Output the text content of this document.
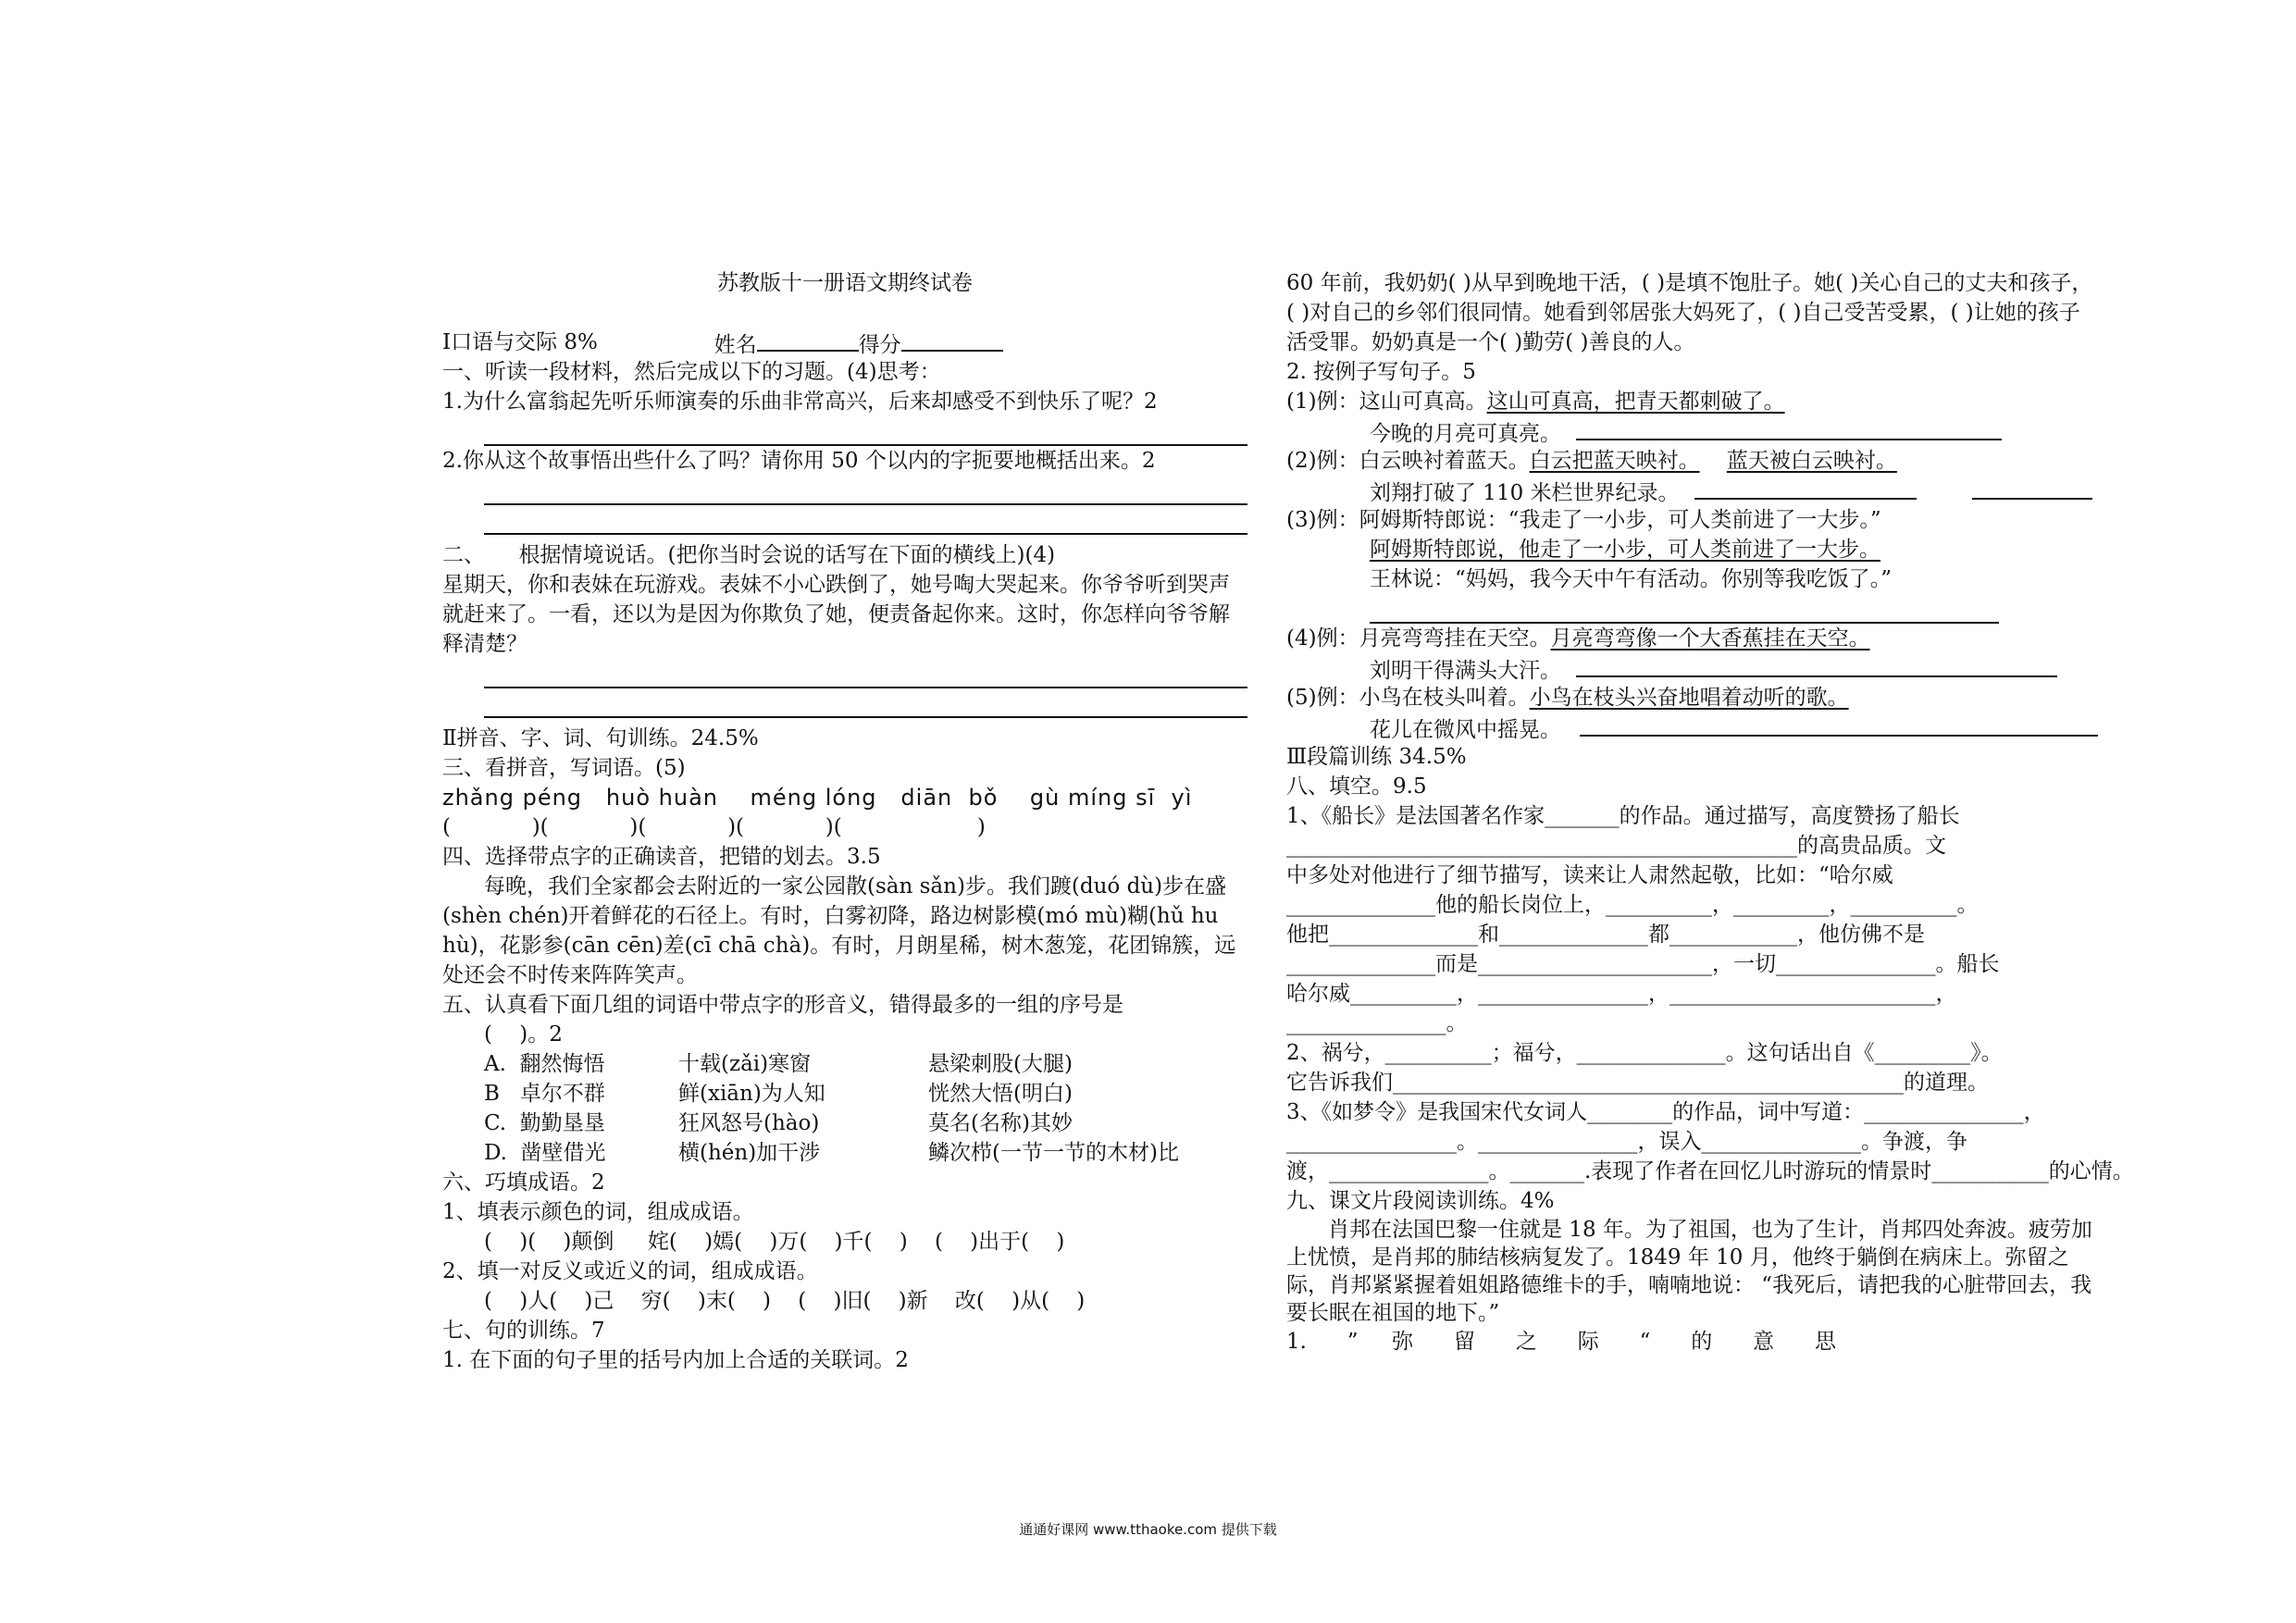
苏教版十一册语文期终试卷

姓名	得分

Ⅰ口语与交际 8%
一、听读一段材料，然后完成以下的习题。(4)思考：
1.为什么富翁起先听乐师演奏的乐曲非常高兴，后来却感受不到快乐了呢？2
2.你从这个故事悟出些什么了吗？请你用 50 个以内的字扼要地概括出来。2
二、     根据情境说话。(把你当时会说的话写在下面的横线上)(4)
星期天，你和表妹在玩游戏。表妹不小心跌倒了，她号啕大哭起来。你爷爷听到哭声就赶来了。一看，还以为是因为你欺负了她，便责备起你来。这时，你怎样向爷爷解释清楚？
Ⅱ拼音、字、词、句训练。24.5%
三、看拼音，写词语。(5)
zhǎng péng   huò huàn    méng lóng   diān  bǒ    gù míng sī  yì
(            )(            )(            )(            )(                    )
四、选择带点字的正确读音，把错的划去。3.5
每晚，我们全家都会去附近的一家公园散(sàn sǎn)步。我们踱(duó dù)步在盛(shèn chén)开着鲜花的石径上。有时，白雾初降，路边树影模(mó mù)糊(hǔ hu hù)，花影参(cān cēn)差(cī chā chà)。有时，月朗星稀，树木葱笼，花团锦簇，远处还会不时传来阵阵笑声。
五、认真看下面几组的词语中带点字的形音义，错得最多的一组的序号是
(    )。2
A.  翻然悔悟	十载(zǎi)寒窗	悬梁刺股(大腿)
B   卓尔不群	鲜(xiān)为人知	恍然大悟(明白)
C.  勤勤垦垦	狂风怒号(hào)	莫名(名称)其妙
D.  凿壁借光	横(hén)加干涉	鳞次栉(一节一节的木材)比
六、巧填成语。2
1、填表示颜色的词，组成成语。
(    )(    )颠倒     姹(    )嫣(    )万(    )千(    )    (    )出于(    )
2、填一对反义或近义的词，组成成语。
(    )人(    )己    穷(    )末(    )    (    )旧(    )新    改(    )从(    )
七、句的训练。7
1. 在下面的句子里的括号内加上合适的关联词。2
60 年前，我奶奶( )从早到晚地干活，( )是填不饱肚子。她( )关心自己的丈夫和孩子，( )对自己的乡邻们很同情。她看到邻居张大妈死了，( )自己受苦受累，( )让她的孩子活受罪。奶奶真是一个( )勤劳( )善良的人。
2. 按例子写句子。5
(1)例：这山可真高。这山可真高，把青天都刺破了。
今晚的月亮可真亮。
(2)例：白云映衬着蓝天。白云把蓝天映衬。 蓝天被白云映衬。
刘翔打破了 110 米栏世界纪录。
(3)例：阿姆斯特郎说：“我走了一小步，可人类前进了一大步。”
阿姆斯特郎说，他走了一小步，可人类前进了一大步。
王林说：“妈妈，我今天中午有活动。你别等我吃饭了。”
(4)例：月亮弯弯挂在天空。月亮弯弯像一个大香蕉挂在天空。
刘明干得满头大汗。
(5)例：小鸟在枝头叫着。小鸟在枝头兴奋地唱着动听的歌。
花儿在微风中摇晃。
Ⅲ段篇训练 34.5%
八、填空。9.5
1、《船长》是法国著名作家_______的作品。通过描写，高度赞扬了船长
________________________________________________的高贵品质。文
中多处对他进行了细节描写，读来让人肃然起敬，比如：“哈尔威
______________他的船长岗位上，__________，_________，__________。
他把______________和______________都____________，他仿佛不是
______________而是______________________，一切_______________。船长
哈尔威__________，________________，_________________________，
_______________。
2、祸兮，__________；福兮，______________。这句话出自《_________》。
它告诉我们________________________________________________的道理。
3、《如梦令》是我国宋代女词人________的作品，词中写道：_______________，
________________。_______________，误入_______________。争渡，争
渡，_______________。_______.表现了作者在回忆儿时游玩的情景时___________的心情。
九、课文片段阅读训练。4%
肖邦在法国巴黎一住就是 18 年。为了祖国，也为了生计，肖邦四处奔波。疲劳加上忧愤，是肖邦的肺结核病复发了。1849 年 10 月，他终于躺倒在病床上。弥留之际，肖邦紧紧握着姐姐路德维卡的手，喃喃地说： “我死后，请把我的心脏带回去，我要长眠在祖国的地下。”
1.      ”     弥      留      之      际      “      的      意      思
通通好课网 www.tthaoke.com 提供下载
